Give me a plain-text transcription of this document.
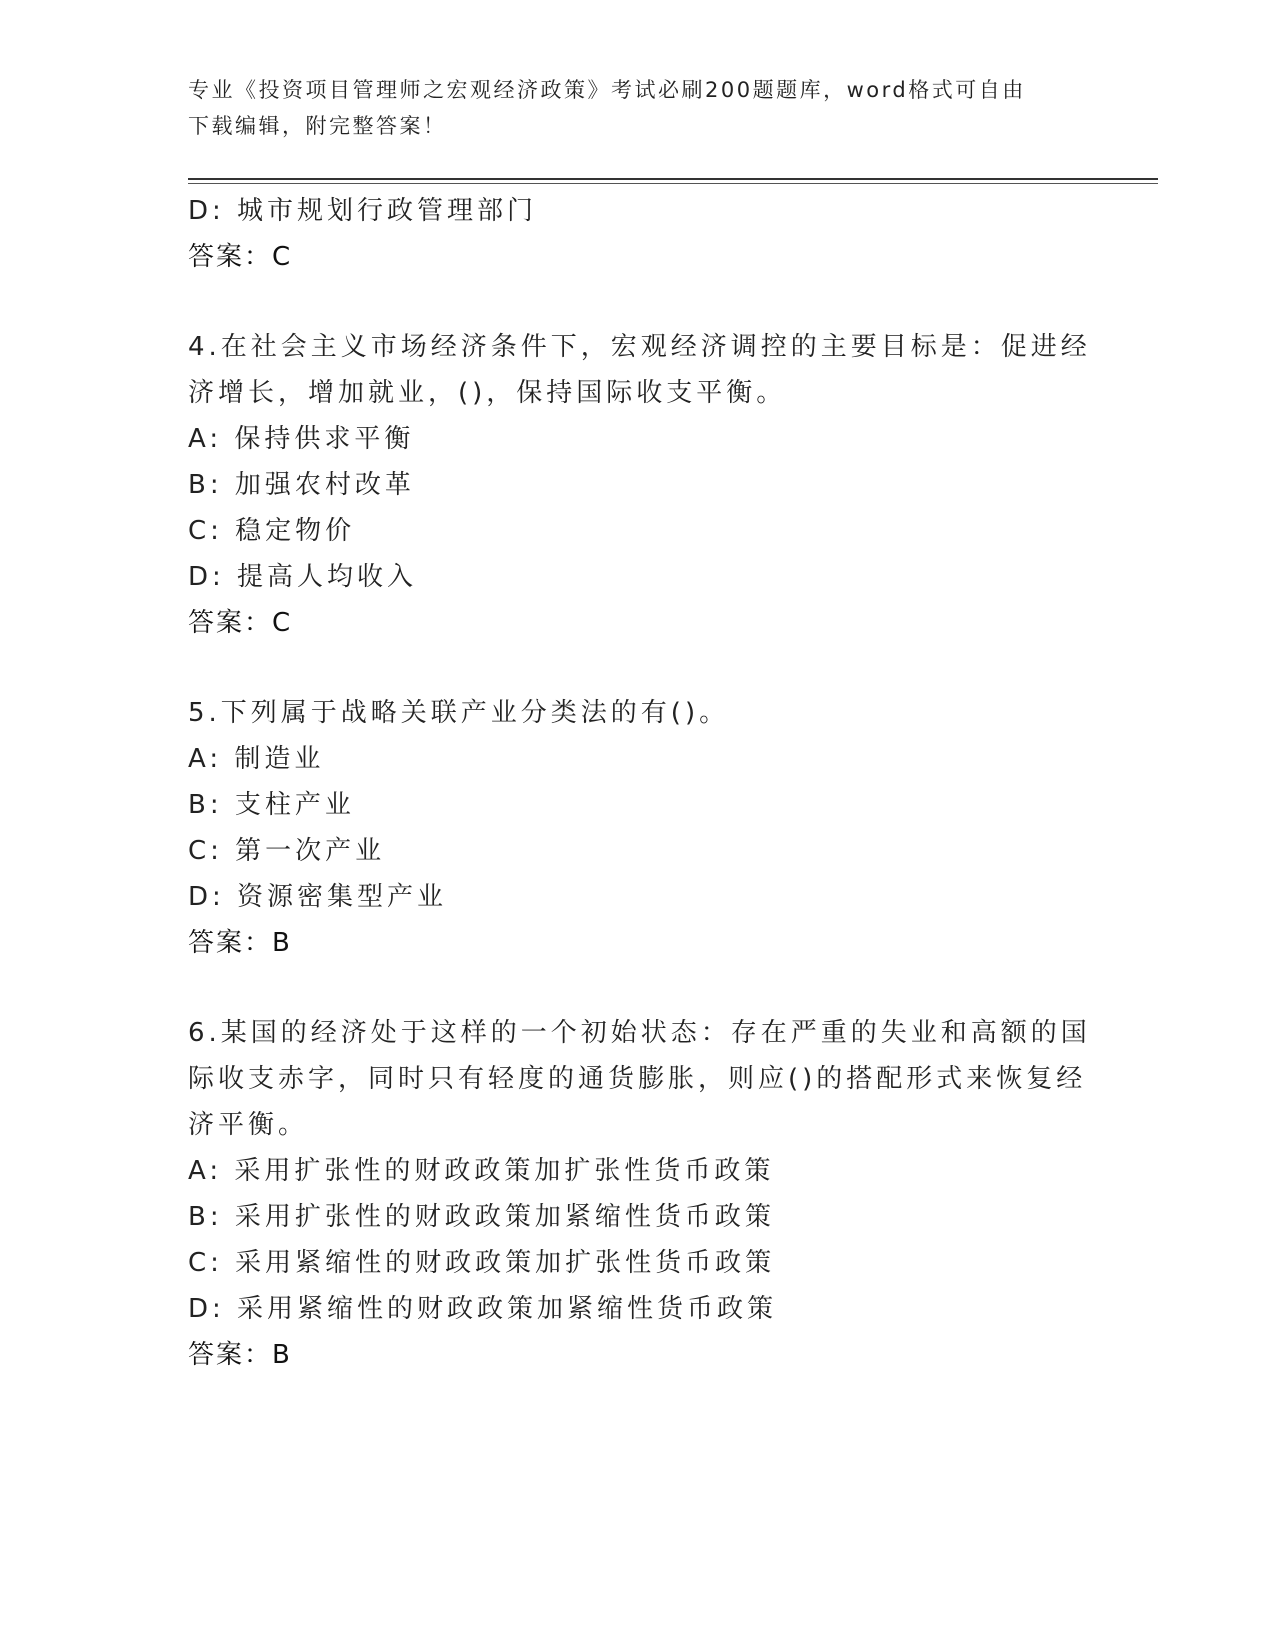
专业《投资项目管理师之宏观经济政策》考试必刷200题题库，word格式可自由
下载编辑，附完整答案！
D: 城市规划行政管理部门
答案：C
4.在社会主义市场经济条件下，宏观经济调控的主要目标是：促进经
济增长，增加就业，()，保持国际收支平衡。
A: 保持供求平衡
B: 加强农村改革
C: 稳定物价
D: 提高人均收入
答案：C
5.下列属于战略关联产业分类法的有()。
A: 制造业
B: 支柱产业
C: 第一次产业
D: 资源密集型产业
答案：B
6.某国的经济处于这样的一个初始状态：存在严重的失业和高额的国
际收支赤字，同时只有轻度的通货膨胀，则应()的搭配形式来恢复经
济平衡。
A: 采用扩张性的财政政策加扩张性货币政策
B: 采用扩张性的财政政策加紧缩性货币政策
C: 采用紧缩性的财政政策加扩张性货币政策
D: 采用紧缩性的财政政策加紧缩性货币政策
答案：B
